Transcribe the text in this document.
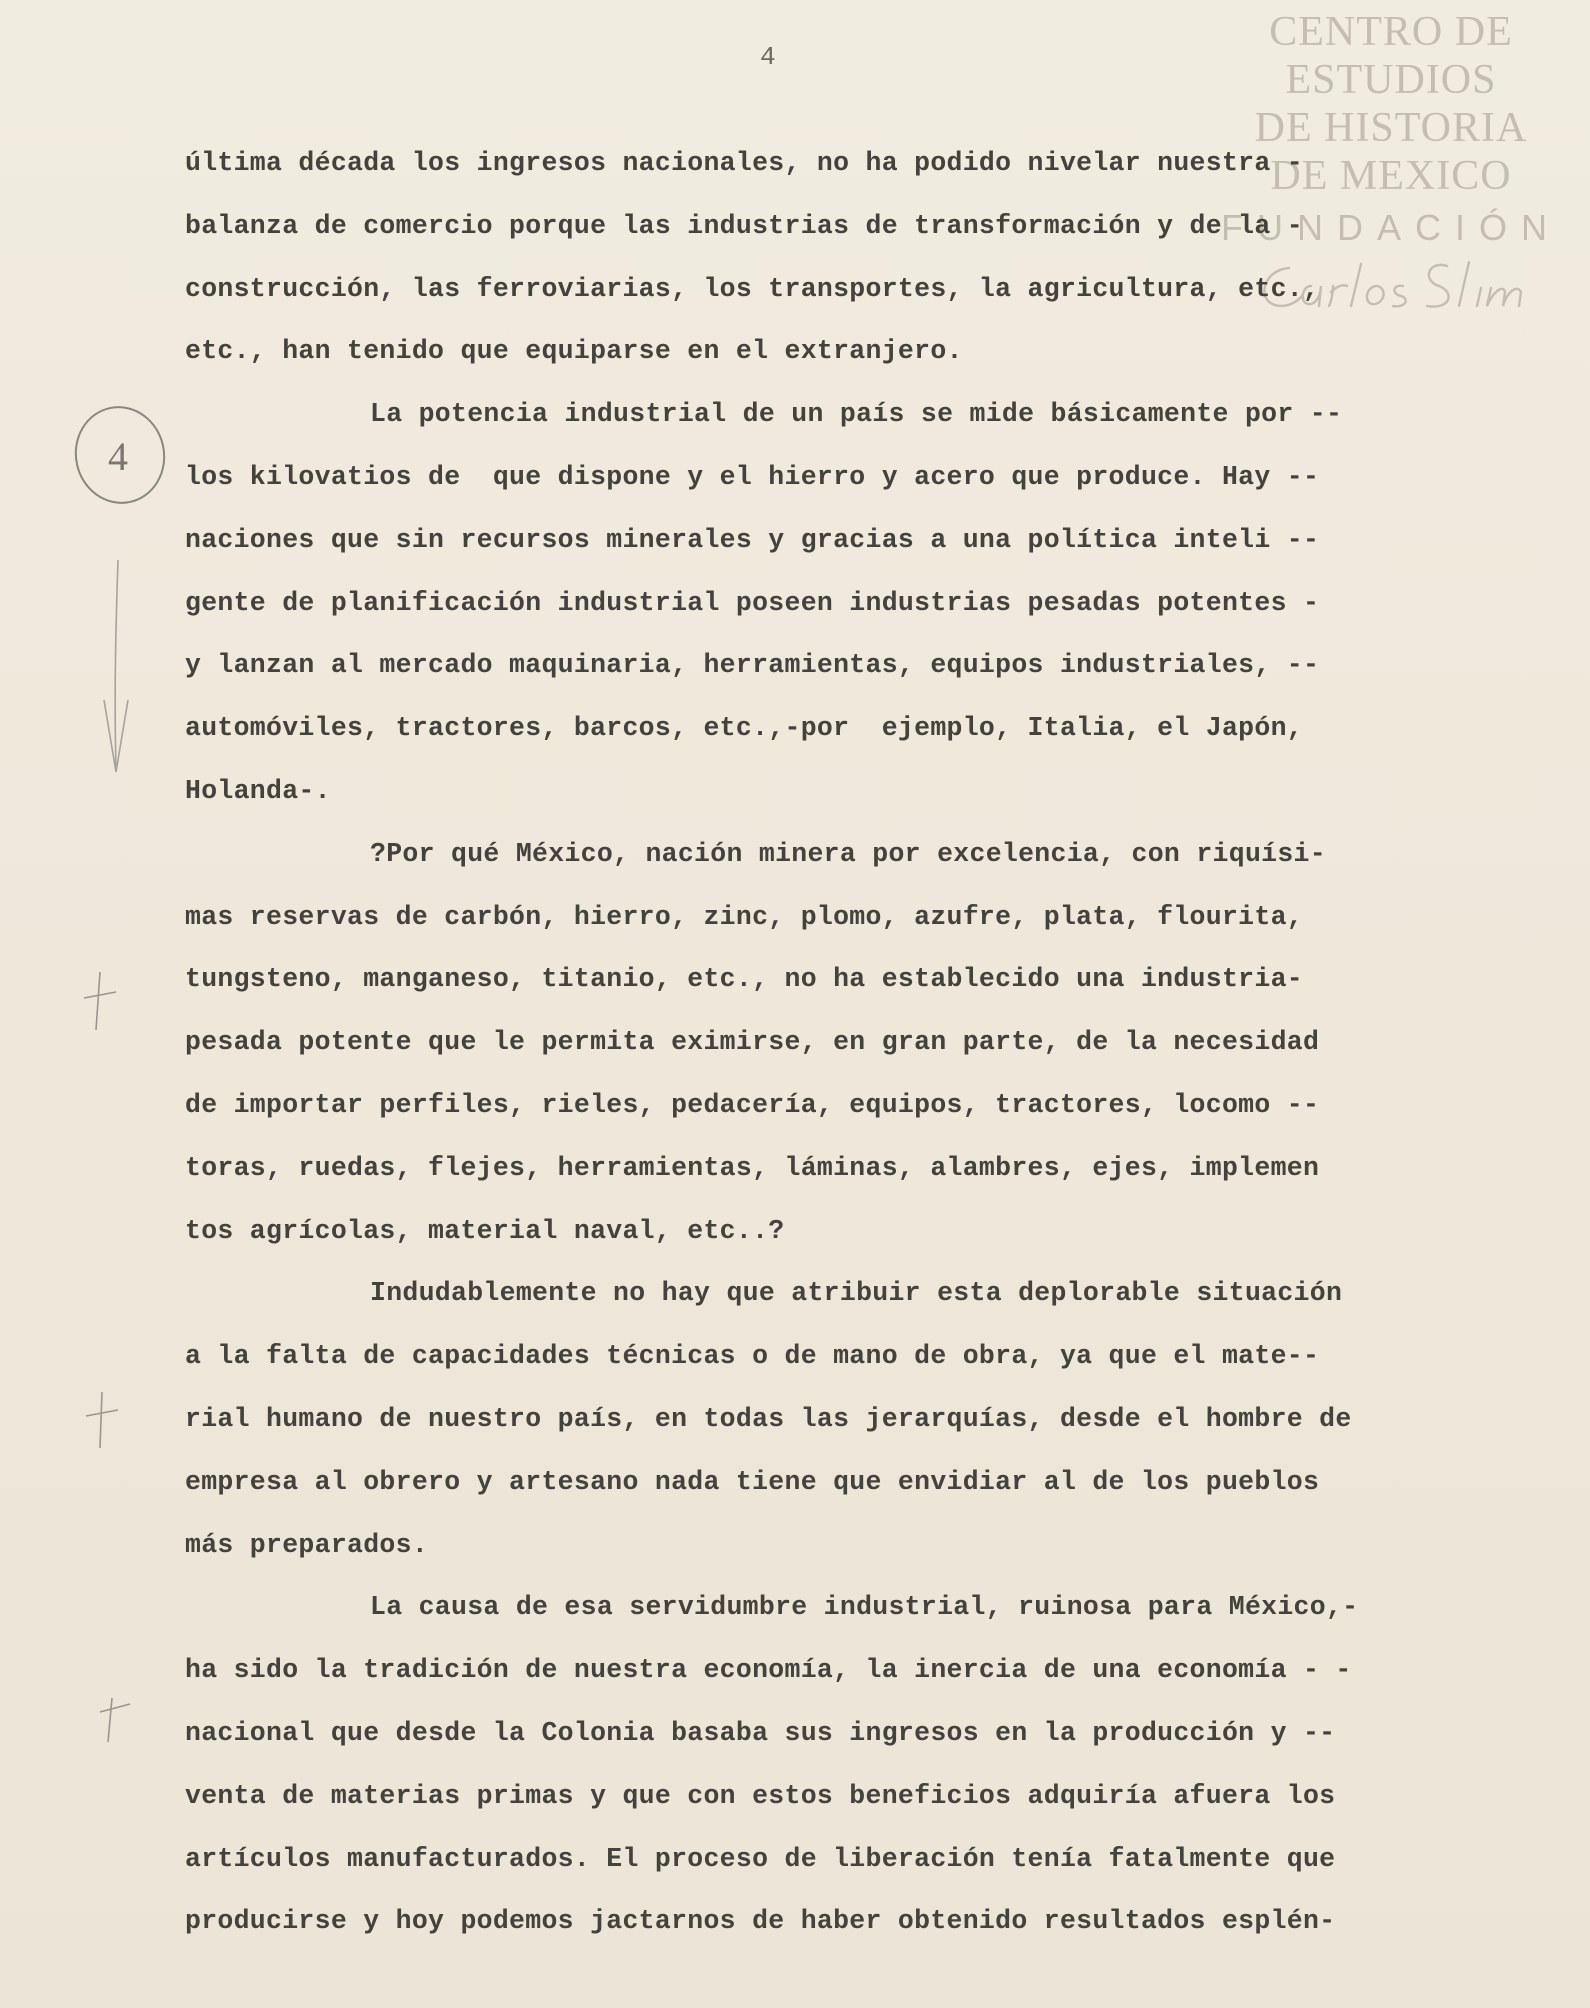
4
CENTRO DE
ESTUDIOS
DE HISTORIA
DE MEXICO
FUNDACIÓN
4
última década los ingresos nacionales, no ha podido nivelar nuestra -
balanza de comercio porque las industrias de transformación y de la -
construcción, las ferroviarias, los transportes, la agricultura, etc.,
etc., han tenido que equiparse en el extranjero.
La potencia industrial de un país se mide básicamente por --
los kilovatios de  que dispone y el hierro y acero que produce. Hay --
naciones que sin recursos minerales y gracias a una política inteli --
gente de planificación industrial poseen industrias pesadas potentes -
y lanzan al mercado maquinaria, herramientas, equipos industriales, --
automóviles, tractores, barcos, etc.,-por  ejemplo, Italia, el Japón,
Holanda-.
?Por qué México, nación minera por excelencia, con riquísi-
mas reservas de carbón, hierro, zinc, plomo, azufre, plata, flourita,
tungsteno, manganeso, titanio, etc., no ha establecido una industria-
pesada potente que le permita eximirse, en gran parte, de la necesidad
de importar perfiles, rieles, pedacería, equipos, tractores, locomo --
toras, ruedas, flejes, herramientas, láminas, alambres, ejes, implemen
tos agrícolas, material naval, etc..?
Indudablemente no hay que atribuir esta deplorable situación
a la falta de capacidades técnicas o de mano de obra, ya que el mate--
rial humano de nuestro país, en todas las jerarquías, desde el hombre de
empresa al obrero y artesano nada tiene que envidiar al de los pueblos
más preparados.
La causa de esa servidumbre industrial, ruinosa para México,-
ha sido la tradición de nuestra economía, la inercia de una economía - -
nacional que desde la Colonia basaba sus ingresos en la producción y --
venta de materias primas y que con estos beneficios adquiría afuera los
artículos manufacturados. El proceso de liberación tenía fatalmente que
producirse y hoy podemos jactarnos de haber obtenido resultados esplén-
